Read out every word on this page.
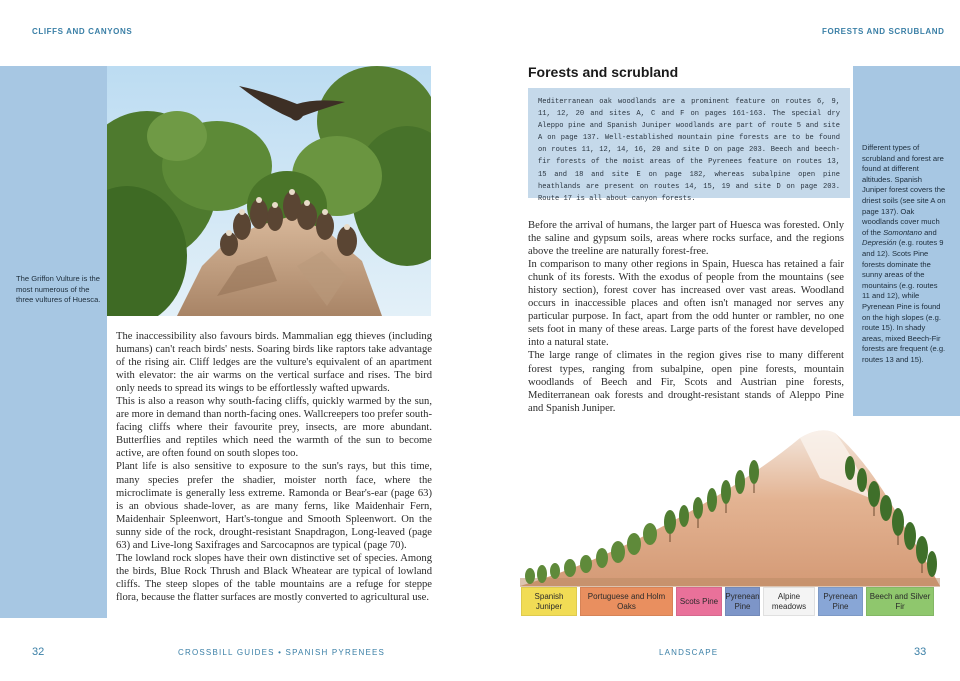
CLIFFS AND CANYONS
The Griffon Vulture is the most numerous of the three vultures of Huesca.

The inaccessibility also favours birds. Mammalian egg thieves (including humans) can't reach birds' nests. Soaring birds like raptors take advantage of the rising air. Cliff ledges are the vulture's equivalent of an apartment with elevator: the air warms on the vertical surface and rises. The bird only needs to spread its wings to be effortlessly wafted upwards.

This is also a reason why south-facing cliffs, quickly warmed by the sun, are more in demand than north-facing ones. Wallcreepers too prefer south-facing cliffs where their favourite prey, insects, are more abundant. Butterflies and reptiles which need the warmth of the sun to become active, are often found on south slopes too.

Plant life is also sensitive to exposure to the sun's rays, but this time, many species prefer the shadier, moister north face, where the microclimate is generally less extreme. Ramonda or Bear's-ear (page 63) is an obvious shade-lover, as are many ferns, like Maidenhair Fern, Maidenhair Spleenwort, Hart's-tongue and Smooth Spleenwort. On the sunny side of the rock, drought-resistant Snapdragon, Long-leaved (page 63) and Live-long Saxifrages and Sarcocapnos are typical (page 70).

The lowland rock slopes have their own distinctive set of species. Among the birds, Blue Rock Thrush and Black Wheatear are typical of lowland cliffs. The steep slopes of the table mountains are a refuge for steppe flora, because the flatter surfaces are mostly converted to agricultural use.

32	CROSSBILL GUIDES • SPANISH PYRENEES
FORESTS AND SCRUBLAND
Forests and scrubland
Mediterranean oak woodlands are a prominent feature on routes 6, 9, 11, 12, 20 and sites A, C and F on pages 161-163. The special dry Aleppo pine and Spanish Juniper woodlands are part of route 5 and site A on page 137. Well-established mountain pine forests are to be found on routes 11, 12, 14, 16, 20 and site D on page 203. Beech and beech-fir forests of the moist areas of the Pyrenees feature on routes 13, 15 and 18 and site E on page 182, whereas subalpine open pine heathlands are present on routes 14, 15, 19 and site D on page 203. Route 17 is all about canyon forests.

Before the arrival of humans, the larger part of Huesca was forested. Only the saline and gypsum soils, areas where rocks surface, and the regions above the treeline are naturally forest-free.

In comparison to many other regions in Spain, Huesca has retained a fair chunk of its forests. With the exodus of people from the mountains (see history section), forest cover has increased over vast areas. Woodland occurs in inaccessible places and often isn't managed nor serves any particular purpose. In fact, apart from the odd hunter or rambler, no one sets foot in many of these areas. Large parts of the forest have developed into a natural state.

The large range of climates in the region gives rise to many different forest types, ranging from subalpine, open pine forests, mountain woodlands of Beech and Fir, Scots and Austrian pine forests, Mediterranean oak forests and drought-resistant stands of Aleppo Pine and Spanish Juniper.

Different types of scrubland and forest are found at different altitudes. Spanish Juniper forest covers the driest soils (see site A on page 137). Oak woodlands cover much of the Somontano and Depresión (e.g. routes 9 and 12). Scots Pine forests dominate the sunny areas of the mountains (e.g. routes 11 and 12), while Pyrenean Pine is found on the high slopes (e.g. route 15). In shady areas, mixed Beech-Fir forests are frequent (e.g. routes 13 and 15).
Spanish Juniper
Portuguese and Holm Oaks
Scots Pine
Pyrenean Pine
Alpine meadows
Pyrenean Pine
Beech and Silver Fir
LANDSCAPE	33
